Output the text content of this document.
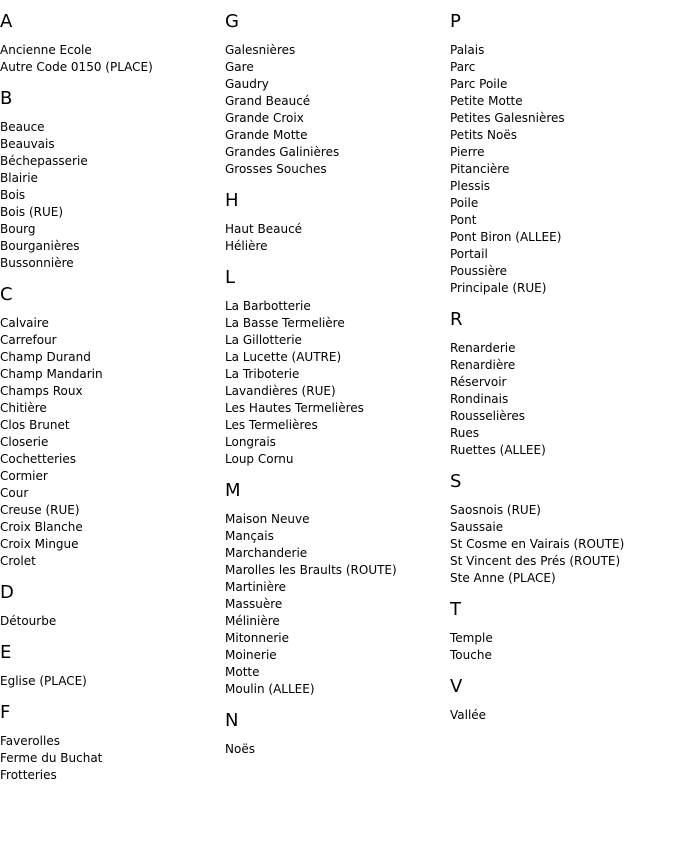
A
Ancienne Ecole
Autre Code 0150 (PLACE)
B
Beauce
Beauvais
Béchepasserie
Blairie
Bois
Bois (RUE)
Bourg
Bourganières
Bussonnière
C
Calvaire
Carrefour
Champ Durand
Champ Mandarin
Champs Roux
Chitière
Clos Brunet
Closerie
Cochetteries
Cormier
Cour
Creuse (RUE)
Croix Blanche
Croix Mingue
Crolet
D
Détourbe
E
Eglise (PLACE)
F
Faverolles
Ferme du Buchat
Frotteries
G
Galesnières
Gare
Gaudry
Grand Beaucé
Grande Croix
Grande Motte
Grandes Galinières
Grosses Souches
H
Haut Beaucé
Hélière
L
La Barbotterie
La Basse Termelière
La Gillotterie
La Lucette (AUTRE)
La Triboterie
Lavandières (RUE)
Les Hautes Termelières
Les Termelières
Longrais
Loup Cornu
M
Maison Neuve
Mançais
Marchanderie
Marolles les Braults (ROUTE)
Martinière
Massuère
Mélinière
Mitonnerie
Moinerie
Motte
Moulin (ALLEE)
N
Noës
P
Palais
Parc
Parc Poile
Petite Motte
Petites Galesnières
Petits Noës
Pierre
Pitancière
Plessis
Poile
Pont
Pont Biron (ALLEE)
Portail
Poussière
Principale (RUE)
R
Renarderie
Renardière
Réservoir
Rondinais
Rousselières
Rues
Ruettes (ALLEE)
S
Saosnois (RUE)
Saussaie
St Cosme en Vairais (ROUTE)
St Vincent des Prés (ROUTE)
Ste Anne (PLACE)
T
Temple
Touche
V
Vallée
